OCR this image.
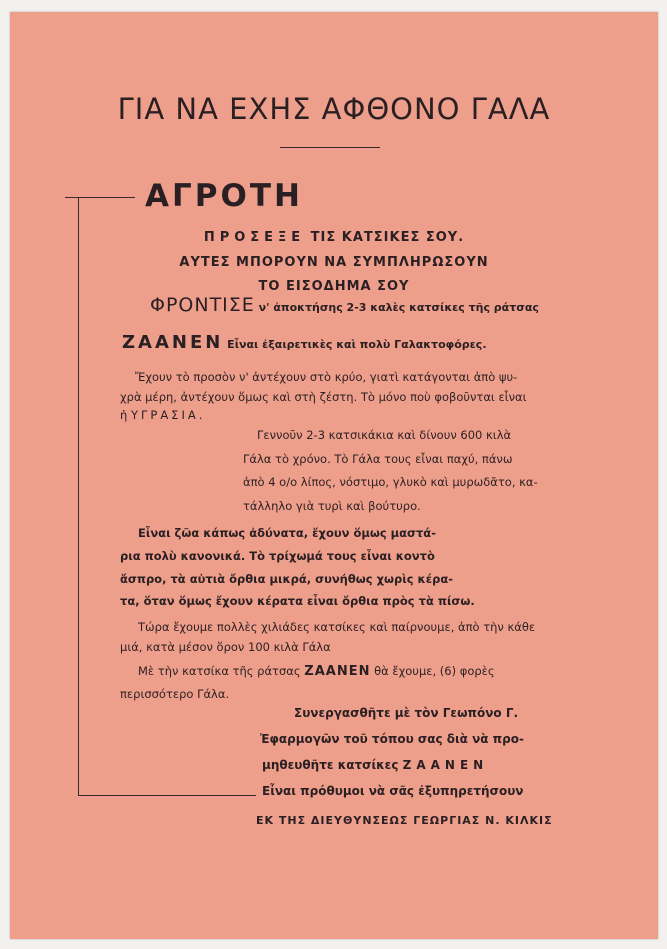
ΓΙΑ ΝΑ ΕΧΗΣ ΑΦΘΟΝΟ ΓΑΛΑ
ΑΓΡΟΤΗ
ΠΡΟΣΕΞΕ ΤΙΣ ΚΑΤΣΙΚΕΣ ΣΟΥ.
ΑΥΤΕΣ ΜΠΟΡΟΥΝ ΝΑ ΣΥΜΠΛΗΡΩΣΟΥΝ
ΤΟ ΕΙΣΟΔΗΜΑ ΣΟΥ
ΦΡΟΝΤΙΣΕ ν' ἀποκτήσης 2-3 καλὲς κατσίκες τῆς ράτσας
ΖΑΑΝΕΝ Εἶναι ἐξαιρετικὲς καὶ πολὺ Γαλακτοφόρες.

Ἔχουν τὸ προσὸν ν' ἀντέχουν στὸ κρύο, γιατὶ κατάγονται ἀπὸ ψυ-

χρὰ μέρη, ἀντέχουν ὅμως καὶ στὴ ζέστη. Τὸ μόνο ποὺ φοβοῦνται εἶναι

ἡ ΥΓΡΑΣΙΑ.

Γεννοῦν 2-3 κατσικάκια καὶ δίνουν 600 κιλὰ

Γάλα τὸ χρόνο. Τὸ Γάλα τους εἶναι παχύ, πάνω

ἀπὸ 4 ο/ο λίπος, νόστιμο, γλυκὸ καὶ μυρωδᾶτο, κα-

τάλληλο γιὰ τυρὶ καὶ βούτυρο.

Εἶναι ζῶα κάπως ἀδύνατα, ἔχουν ὅμως μαστά-

ρια πολὺ κανονικά. Τὸ τρίχωμά τους εἶναι κοντὸ

ἄσπρο, τὰ αὐτιὰ ὄρθια μικρά, συνήθως χωρὶς κέρα-

τα, ὅταν ὅμως ἔχουν κέρατα εἶναι ὄρθια πρὸς τὰ πίσω.

Τώρα ἔχουμε πολλὲς χιλιάδες κατσίκες καὶ παίρνουμε, ἀπὸ τὴν κάθε

μιά, κατὰ μέσον ὅρον 100 κιλὰ Γάλα

Μὲ τὴν κατσίκα τῆς ράτσας ΖΑΑΝΕΝ θὰ ἔχουμε, (6) φορὲς

περισσότερο Γάλα.

Συνεργασθῆτε μὲ τὸν Γεωπόνο Γ.

Ἐφαρμογῶν τοῦ τόπου σας διὰ νὰ προ-

μηθευθῆτε κατσίκες ΖΑΑΝΕΝ

Εἶναι πρόθυμοι νὰ σᾶς ἐξυπηρετήσουν

ΕΚ ΤΗΣ ΔΙΕΥΘΥΝΣΕΩΣ ΓΕΩΡΓΙΑΣ Ν. ΚΙΛΚΙΣ
